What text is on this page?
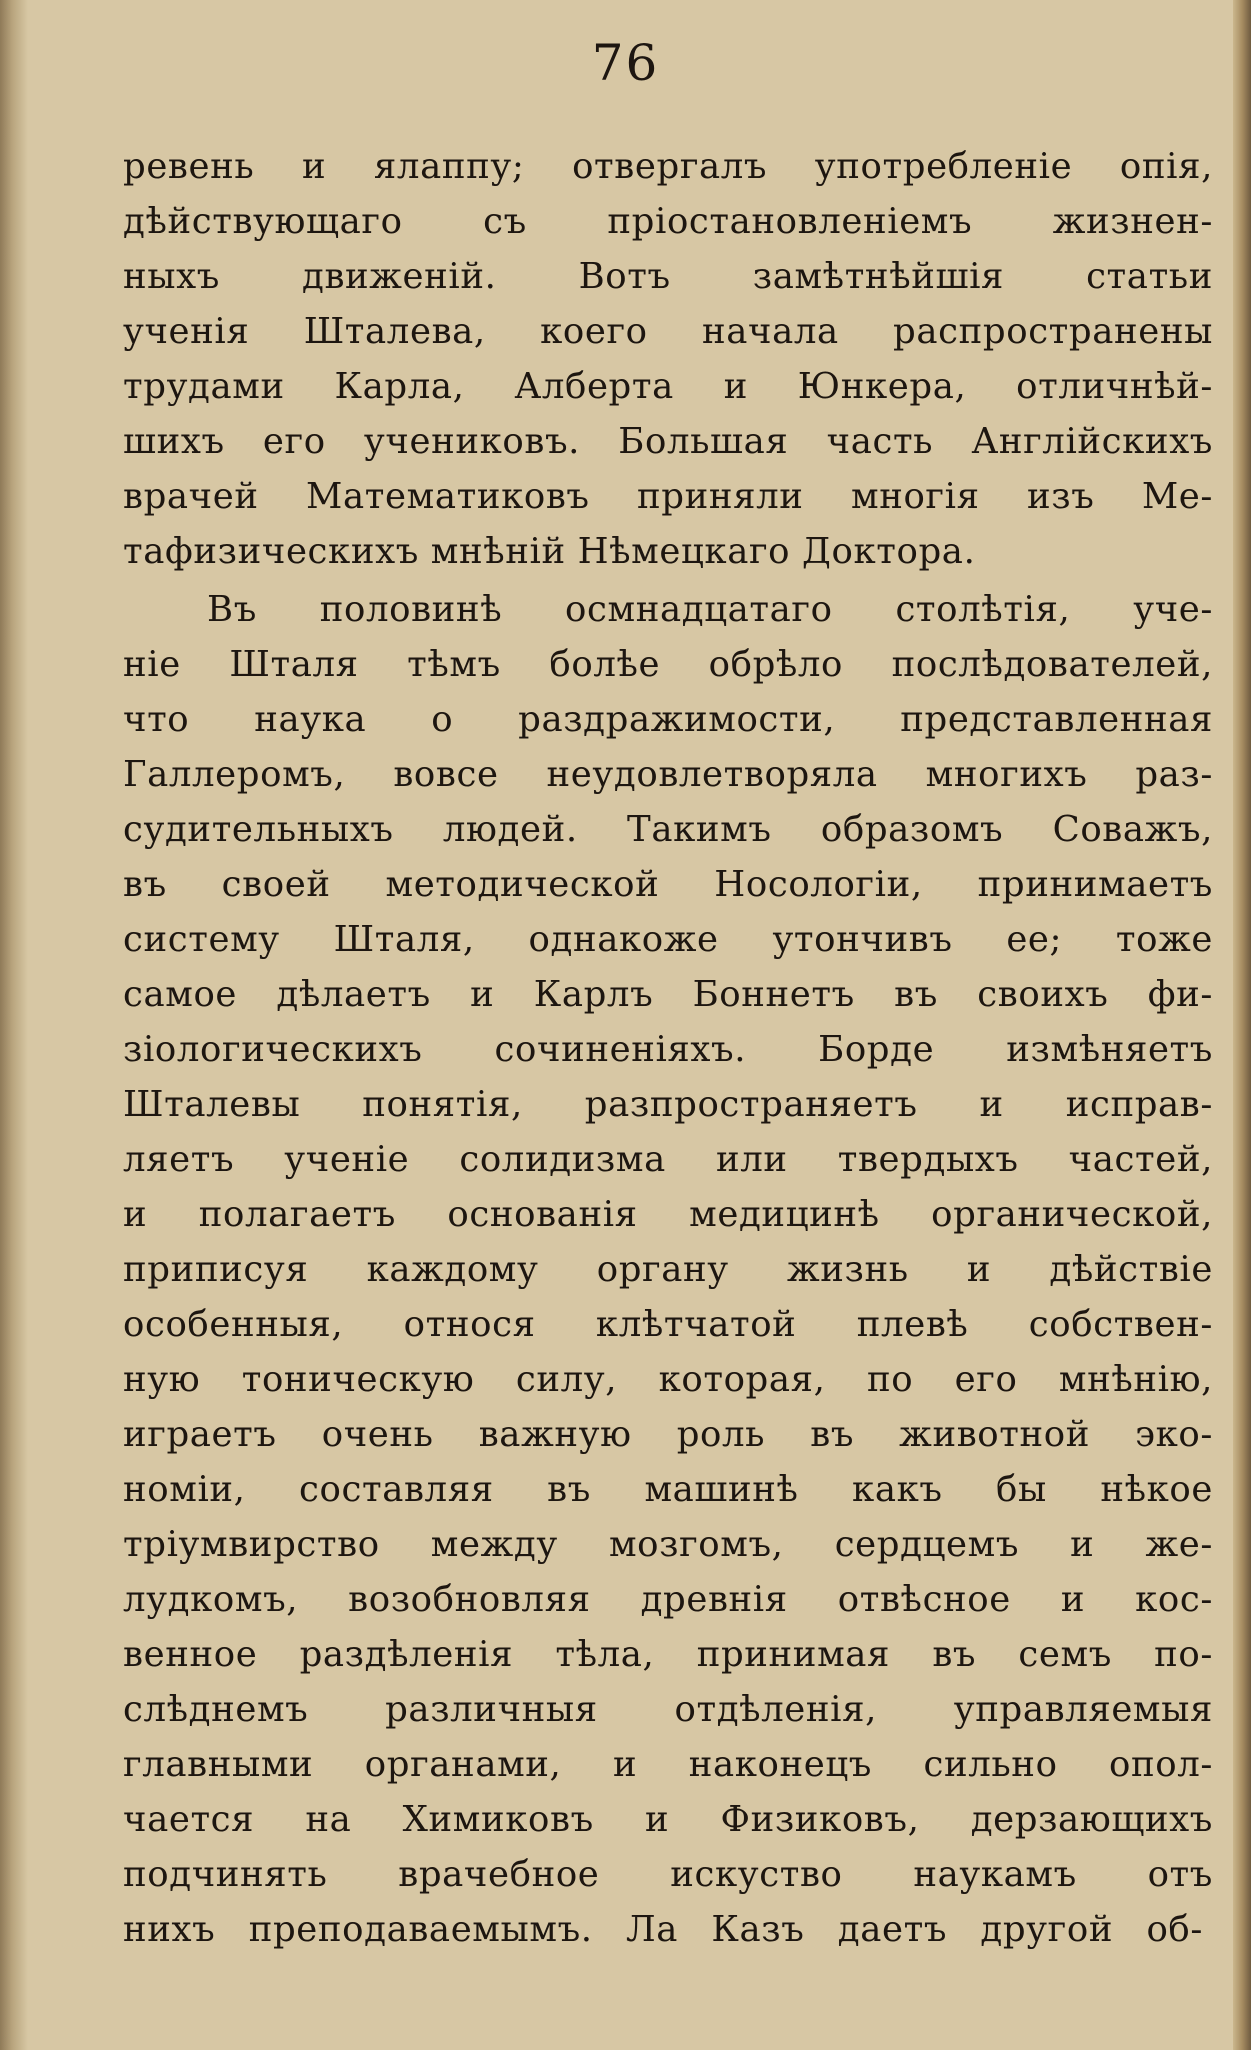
76
ревень и ялаппу; отвергалъ употребленіе опія,
дѣйствующаго съ пріостановленіемъ жизнен-
ныхъ движеній. Вотъ замѣтнѣйшія статьи
ученія Шталева, коего начала распространены
трудами Карла, Алберта и Юнкера, отличнѣй-
шихъ его учениковъ. Большая часть Англійскихъ
врачей Математиковъ приняли многія изъ Ме-
тафизическихъ мнѣній Нѣмецкаго Доктора.
Въ половинѣ осмнадцатаго столѣтія, уче-
ніе Шталя тѣмъ болѣе обрѣло послѣдователей,
что наука о раздражимости, представленная
Галлеромъ, вовсе неудовлетворяла многихъ раз-
судительныхъ людей. Такимъ образомъ Соважъ,
въ своей методической Носологіи, принимаетъ
систему Шталя, однакоже утончивъ ее; тоже
самое дѣлаетъ и Карлъ Боннетъ въ своихъ фи-
зіологическихъ сочиненіяхъ. Борде измѣняетъ
Шталевы понятія, разпространяетъ и исправ-
ляетъ ученіе солидизма или твердыхъ частей,
и полагаетъ основанія медицинѣ органической,
приписуя каждому органу жизнь и дѣйствіе
особенныя, относя клѣтчатой плевѣ собствен-
ную тоническую силу, которая, по его мнѣнію,
играетъ очень важную роль въ животной эко-
номіи, составляя въ машинѣ какъ бы нѣкое
тріумвирство между мозгомъ, сердцемъ и же-
лудкомъ, возобновляя древнія отвѣсное и кос-
венное раздѣленія тѣла, принимая въ семъ по-
слѣднемъ различныя отдѣленія, управляемыя
главными органами, и наконецъ сильно опол-
чается на Химиковъ и Физиковъ, дерзающихъ
подчинять врачебное искуство наукамъ отъ
нихъ преподаваемымъ. Ла Казъ даетъ другой об-
